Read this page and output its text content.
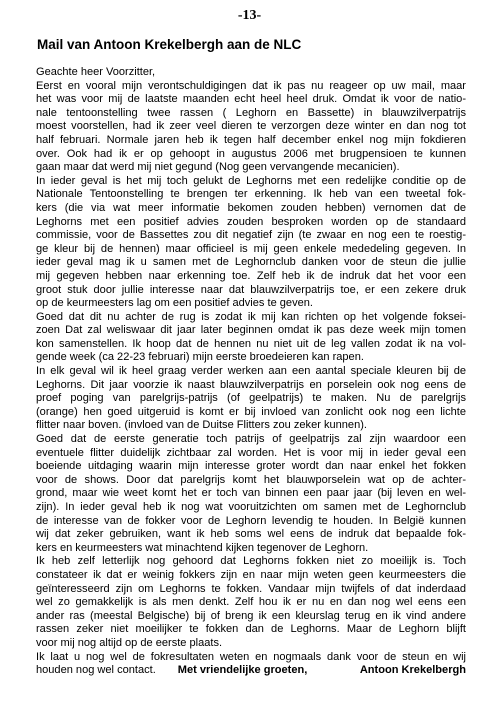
-13-
Mail van Antoon Krekelbergh aan de NLC
Geachte heer Voorzitter,
Eerst en vooral mijn verontschuldigingen dat ik pas nu reageer op uw mail, maar
het was voor mij de laatste maanden echt heel heel druk. Omdat ik voor de natio-
nale tentoonstelling twee rassen ( Leghorn en Bassette) in blauwzilverpatrijs
moest voorstellen, had ik zeer veel dieren te verzorgen deze winter en dan nog tot
half februari. Normale jaren heb ik tegen half december enkel nog mijn fokdieren
over. Ook had ik er op gehoopt in augustus 2006 met brugpensioen te kunnen
gaan maar dat werd mij niet gegund (Nog geen vervangende mecanicien).
In ieder geval is het mij toch gelukt de Leghorns met een redelijke conditie op de
Nationale Tentoonstelling te brengen ter erkenning. Ik heb van een tweetal fok-
kers (die via wat meer informatie bekomen zouden hebben) vernomen dat de
Leghorns met een positief advies zouden besproken worden op de standaard
commissie, voor de Bassettes zou dit negatief zijn (te zwaar en nog een te roestig-
ge kleur bij de hennen) maar officieel is mij geen enkele mededeling gegeven. In
ieder geval mag ik u samen met de Leghornclub danken voor de steun die jullie
mij gegeven hebben naar erkenning toe. Zelf heb ik de indruk dat het voor een
groot stuk door jullie interesse naar dat blauwzilverpatrijs toe, er een zekere druk
op de keurmeesters lag om een positief advies te geven.
Goed dat dit nu achter de rug is zodat ik mij kan richten op het volgende foksei-
zoen Dat zal weliswaar dit jaar later beginnen omdat ik pas deze week mijn tomen
kon samenstellen. Ik hoop dat de hennen nu niet uit de leg vallen zodat ik na vol-
gende week (ca 22-23 februari) mijn eerste broedeieren kan rapen.
In elk geval wil ik heel graag verder werken aan een aantal speciale kleuren bij de
Leghorns. Dit jaar voorzie ik naast blauwzilverpatrijs en porselein ook nog eens de
proef poging van parelgrijs-patrijs (of geelpatrijs) te maken. Nu de parelgrijs
(orange) hen goed uitgeruid is komt er bij invloed van zonlicht ook nog een lichte
flitter naar boven. (invloed van de Duitse Flitters zou zeker kunnen).
Goed dat de eerste generatie toch patrijs of geelpatrijs zal zijn waardoor een
eventuele flitter duidelijk zichtbaar zal worden. Het is voor mij in ieder geval een
boeiende uitdaging waarin mijn interesse groter wordt dan naar enkel het fokken
voor de shows. Door dat parelgrijs komt het blauwporselein wat op de achter-
grond, maar wie weet komt het er toch van binnen een paar jaar (bij leven en wel-
zijn). In ieder geval heb ik nog wat vooruitzichten om samen met de Leghornclub
de interesse van de fokker voor de Leghorn levendig te houden. In België kunnen
wij dat zeker gebruiken, want ik heb soms wel eens de indruk dat bepaalde fok-
kers en keurmeesters wat minachtend kijken tegenover de Leghorn.
Ik heb zelf letterlijk nog gehoord dat Leghorns fokken niet zo moeilijk is. Toch
constateer ik dat er weinig fokkers zijn en naar mijn weten geen keurmeesters die
geïnteresseerd zijn om Leghorns te fokken. Vandaar mijn twijfels of dat inderdaad
wel zo gemakkelijk is als men denkt. Zelf hou ik er nu en dan nog wel eens een
ander ras (meestal Belgische) bij of breng ik een kleurslag terug en ik vind andere
rassen zeker niet moeilijker te fokken dan de Leghorns. Maar de Leghorn blijft
voor mij nog altijd op de eerste plaats.
Ik laat u nog wel de fokresultaten weten en nogmaals dank voor de steun en wij
houden nog wel contact. Met vriendelijke groeten,	Antoon Krekelbergh
